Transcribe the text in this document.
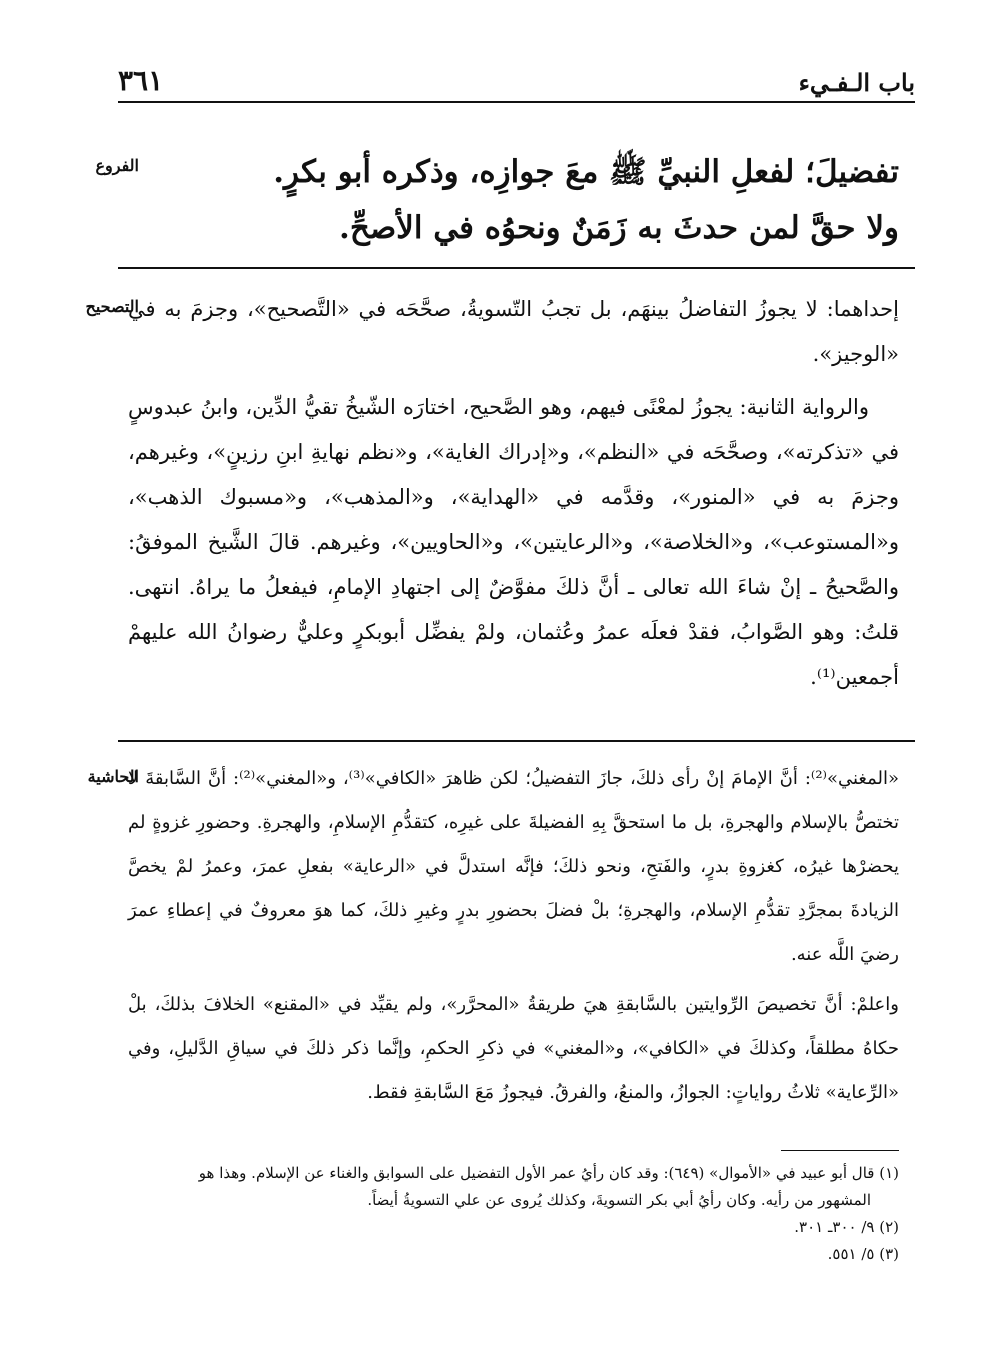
باب الـفـيء
٣٦١
الفروع	تفضيلَ؛ لفعلِ النبيِّ ﷺ معَ جوازِه، وذكره أبو بكرٍ.

ولا حقَّ لمن حدثَ به زَمَنٌ ونحوُه في الأصحِّ.

التصحيح

إحداهما: لا يجوزُ التفاضلُ بينهَم، بل تجبُ التّسويةُ، صحَّحَه في «التَّصحيح»، وجزمَ به في «الوجيز».

والرواية الثانية: يجوزُ لمعْنًى فيهم، وهو الصَّحيح، اختارَه الشّيخُ تقيُّ الدِّين، وابنُ عبدوسٍ في «تذكرته»، وصحَّحَه في «النظم»، و«إدراك الغاية»، و«نظم نهايةِ ابنِ رزينٍ»، وغيرهم، وجزمَ به في «المنور»، وقدَّمه في «الهداية»، و«المذهب»، و«مسبوك الذهب»، و«المستوعب»، و«الخلاصة»، و«الرعايتين»، و«الحاويين»، وغيرهم. قالَ الشَّيخ الموفقُ: والصَّحيحُ ـ إنْ شاءَ الله تعالى ـ أنَّ ذلكَ مفوَّضٌ إلى اجتهادِ الإمامِ، فيفعلُ ما يراهُ. انتهى. قلتُ: وهو الصَّوابُ، فقدْ فعلَه عمرُ وعُثمان، ولمْ يفضِّل أبوبكرٍ وعليٌّ رضوانُ الله عليهمْ أجمعين⁽¹⁾.

الحاشية

«المغني»⁽²⁾: أنَّ الإمامَ إنْ رأى ذلكَ، جازَ التفضيلُ؛ لكن ظاهرَ «الكافي»⁽³⁾، و«المغني»⁽²⁾: أنَّ السَّابقةَ لا تختصُّ بالإسلام والهجرةِ، بل ما استحقَّ بِهِ الفضيلةَ على غيرِه، كتقدُّمِ الإسلامِ، والهجرةِ. وحضورِ غزوةٍ لم يحضرْها غيرُه، كغزوةِ بدرٍ، والفَتحِ، ونحو ذلكَ؛ فإنَّه استدلَّ في «الرعاية» بفعلِ عمرَ، وعمرُ لمْ يخصَّ الزيادةَ بمجرَّدِ تقدُّمِ الإسلام، والهجرةِ؛ بلْ فضلَ بحضورِ بدرٍ وغيرِ ذلكَ، كما هوَ معروفٌ في إعطاءِ عمرَ رضيَ اللَّه عنه.

واعلمْ: أنَّ تخصيصَ الرِّوايتين بالسَّابقةِ هيَ طريقةُ «المحرَّر»، ولم يقيِّد في «المقنع» الخلافَ بذلكَ، بلْ حكاهُ مطلقاً، وكذلكَ في «الكافي»، و«المغني» في ذكرِ الحكمِ، وإنَّما ذكر ذلكَ في سياقِ الدَّليلِ، وفي «الرِّعاية» ثلاثُ رواياتٍ: الجوازُ، والمنعُ، والفرقُ. فيجوزُ مَعَ السَّابقةِ فقط.

(١) قال أبو عبيد في «الأموال» (٦٤٩): وقد كان رأيُ عمر الأول التفضيل على السوابق والغناء عن الإسلام. وهذا هو

المشهور من رأيه. وكان رأيُ أبي بكر التسويةَ، وكذلك يُروى عن علي التسويةُ أيضاً.

(٢) ٩/ ٣٠٠ـ ٣٠١.

(٣) ٥/ ٥٥١.
